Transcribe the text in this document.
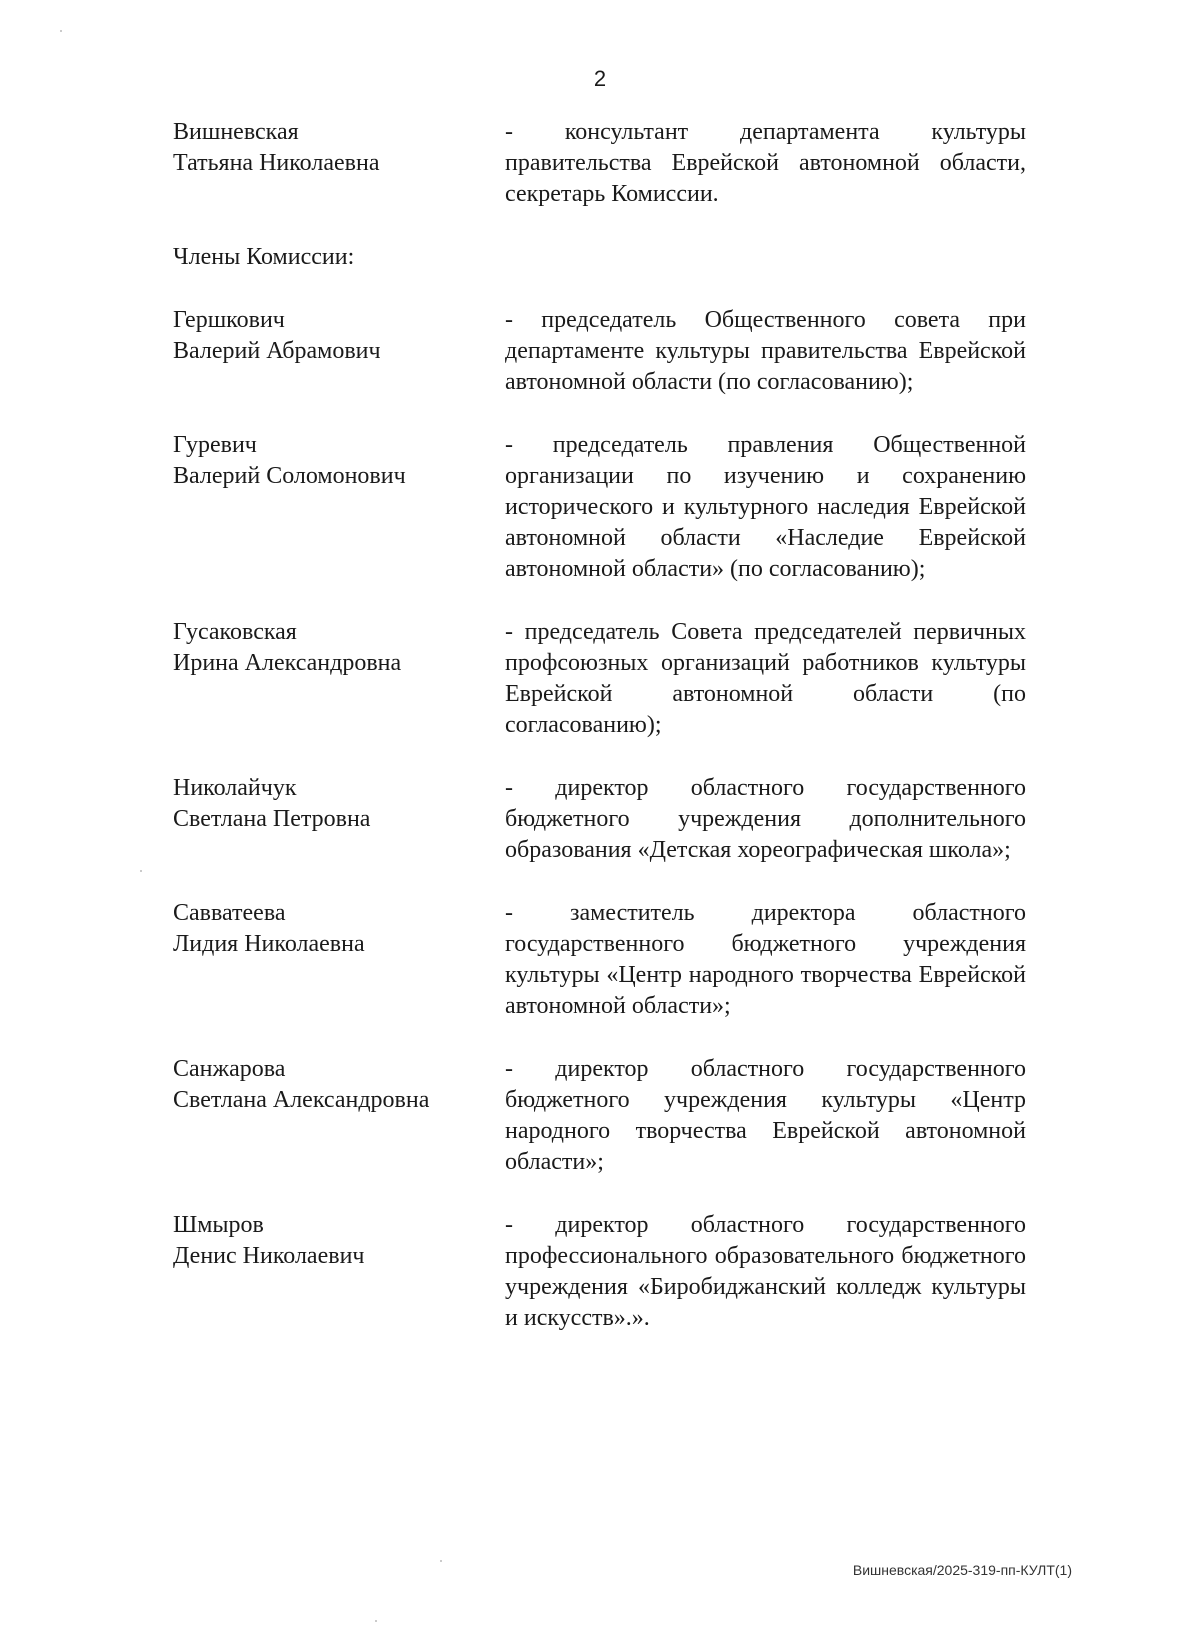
2
Вишневская
Татьяна Николаевна
- консультант департамента культуры правительства Еврейской автономной области, секретарь Комиссии.
Члены Комиссии:
Гершкович
Валерий Абрамович
- председатель Общественного совета при департаменте культуры правительства Еврейской автономной области (по согласованию);
Гуревич
Валерий Соломонович
- председатель правления Общественной организации по изучению и сохранению исторического и культурного наследия Еврейской автономной области «Наследие Еврейской автономной области» (по согласованию);
Гусаковская
Ирина Александровна
- председатель Совета председателей первичных профсоюзных организаций работников культуры Еврейской автономной области (по согласованию);
Николайчук
Светлана Петровна
- директор областного государственного бюджетного учреждения дополнительного образования «Детская хореографическая школа»;
Савватеева
Лидия Николаевна
- заместитель директора областного государственного бюджетного учреждения культуры «Центр народного творчества Еврейской автономной области»;
Санжарова
Светлана Александровна
- директор областного государственного бюджетного учреждения культуры «Центр народного творчества Еврейской автономной области»;
Шмыров
Денис Николаевич
- директор областного государственного профессионального образовательного бюджетного учреждения «Биробиджанский колледж культуры и искусств».».
Вишневская/2025-319-пп-КУЛТ(1)
